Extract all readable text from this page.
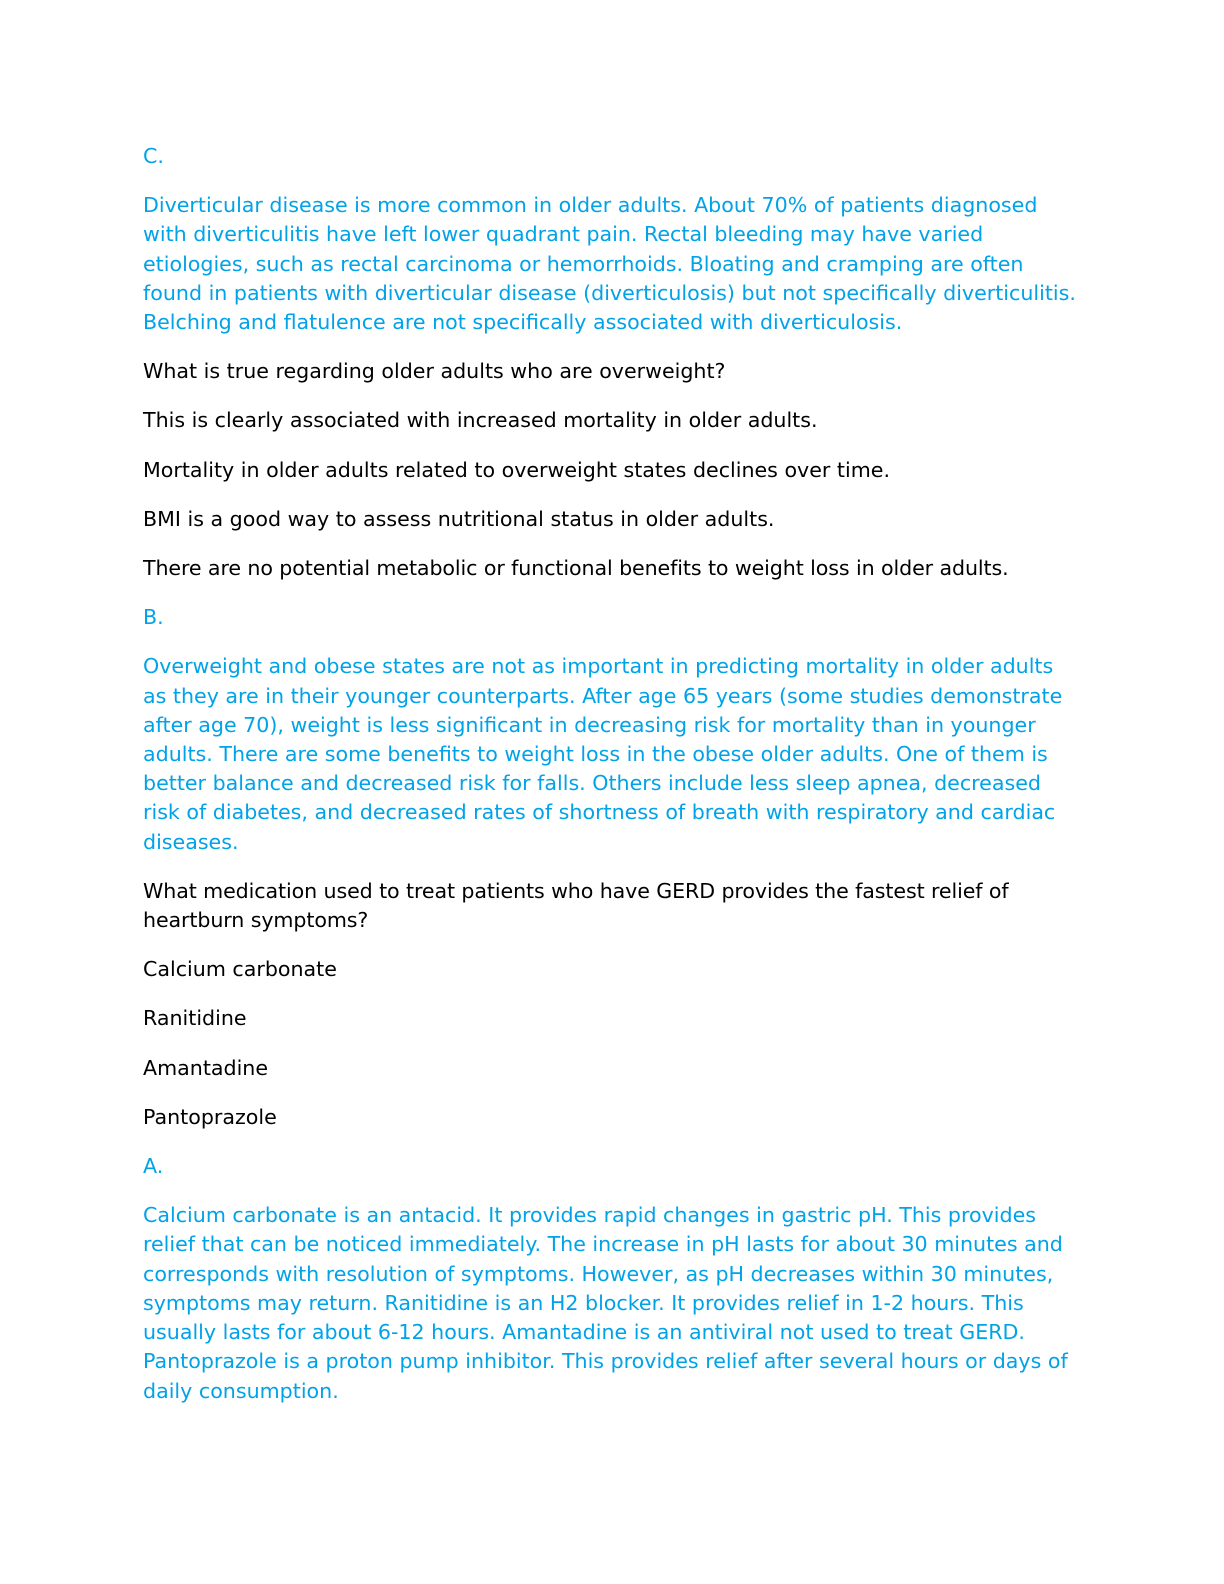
C.

Diverticular disease is more common in older adults. About 70% of patients diagnosed with diverticulitis have left lower quadrant pain. Rectal bleeding may have varied etiologies, such as rectal carcinoma or hemorrhoids. Bloating and cramping are often found in patients with diverticular disease (diverticulosis) but not specifically diverticulitis. Belching and flatulence are not specifically associated with diverticulosis.

What is true regarding older adults who are overweight?

This is clearly associated with increased mortality in older adults.

Mortality in older adults related to overweight states declines over time.

BMI is a good way to assess nutritional status in older adults.

There are no potential metabolic or functional benefits to weight loss in older adults.

B.

Overweight and obese states are not as important in predicting mortality in older adults as they are in their younger counterparts. After age 65 years (some studies demonstrate after age 70), weight is less significant in decreasing risk for mortality than in younger adults. There are some benefits to weight loss in the obese older adults. One of them is better balance and decreased risk for falls. Others include less sleep apnea, decreased risk of diabetes, and decreased rates of shortness of breath with respiratory and cardiac diseases.

What medication used to treat patients who have GERD provides the fastest relief of heartburn symptoms?

Calcium carbonate

Ranitidine

Amantadine

Pantoprazole

A.

Calcium carbonate is an antacid. It provides rapid changes in gastric pH. This provides relief that can be noticed immediately. The increase in pH lasts for about 30 minutes and corresponds with resolution of symptoms. However, as pH decreases within 30 minutes, symptoms may return. Ranitidine is an H2 blocker. It provides relief in 1-2 hours. This usually lasts for about 6-12 hours. Amantadine is an antiviral not used to treat GERD. Pantoprazole is a proton pump inhibitor. This provides relief after several hours or days of daily consumption.
